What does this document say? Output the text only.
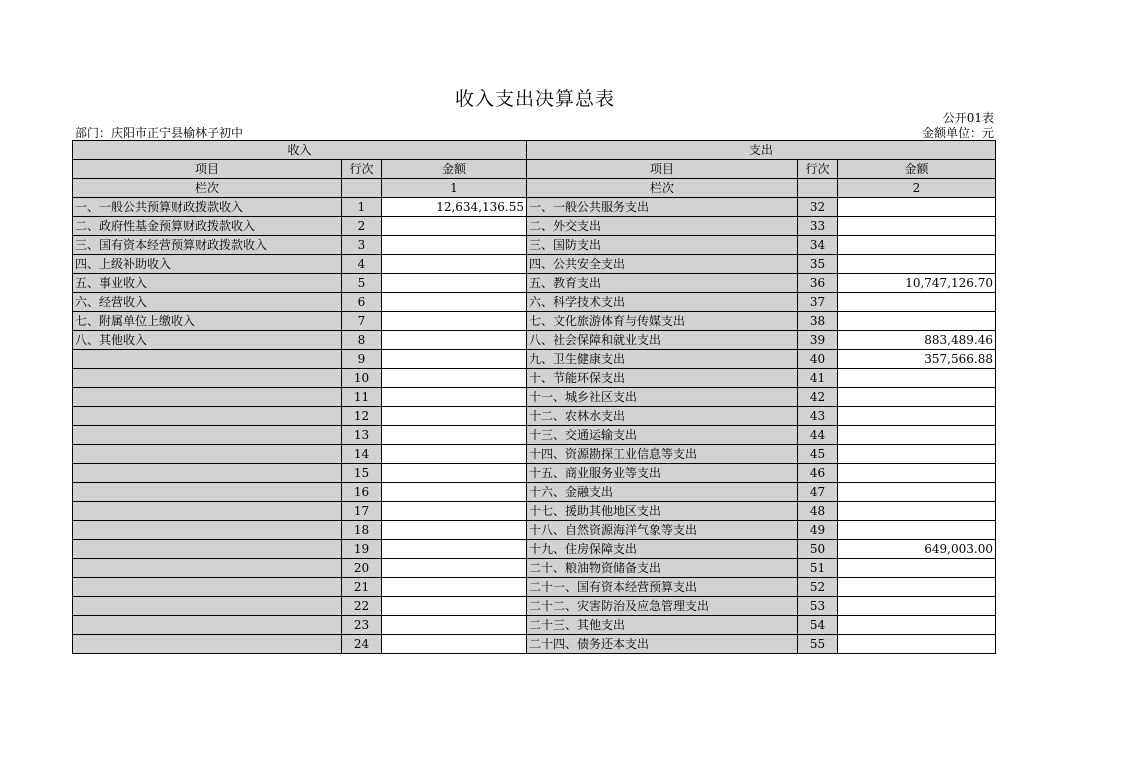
收入支出决算总表
公开01表
部门：庆阳市正宁县榆林子初中	金额单位：元
收入			支出		
项目	行次	金额	项目	行次	金额
栏次		1	栏次		2
一、一般公共预算财政拨款收入	1	12,634,136.55	一、一般公共服务支出	32	
二、政府性基金预算财政拨款收入	2		二、外交支出	33	
三、国有资本经营预算财政拨款收入	3		三、国防支出	34	
四、上级补助收入	4		四、公共安全支出	35	
五、事业收入	5		五、教育支出	36	10,747,126.70
六、经营收入	6		六、科学技术支出	37	
七、附属单位上缴收入	7		七、文化旅游体育与传媒支出	38	
八、其他收入	8		八、社会保障和就业支出	39	883,489.46
	9		九、卫生健康支出	40	357,566.88
	10		十、节能环保支出	41	
	11		十一、城乡社区支出	42	
	12		十二、农林水支出	43	
	13		十三、交通运输支出	44	
	14		十四、资源勘探工业信息等支出	45	
	15		十五、商业服务业等支出	46	
	16		十六、金融支出	47	
	17		十七、援助其他地区支出	48	
	18		十八、自然资源海洋气象等支出	49	
	19		十九、住房保障支出	50	649,003.00
	20		二十、粮油物资储备支出	51	
	21		二十一、国有资本经营预算支出	52	
	22		二十二、灾害防治及应急管理支出	53	
	23		二十三、其他支出	54	
	24		二十四、债务还本支出	55	
